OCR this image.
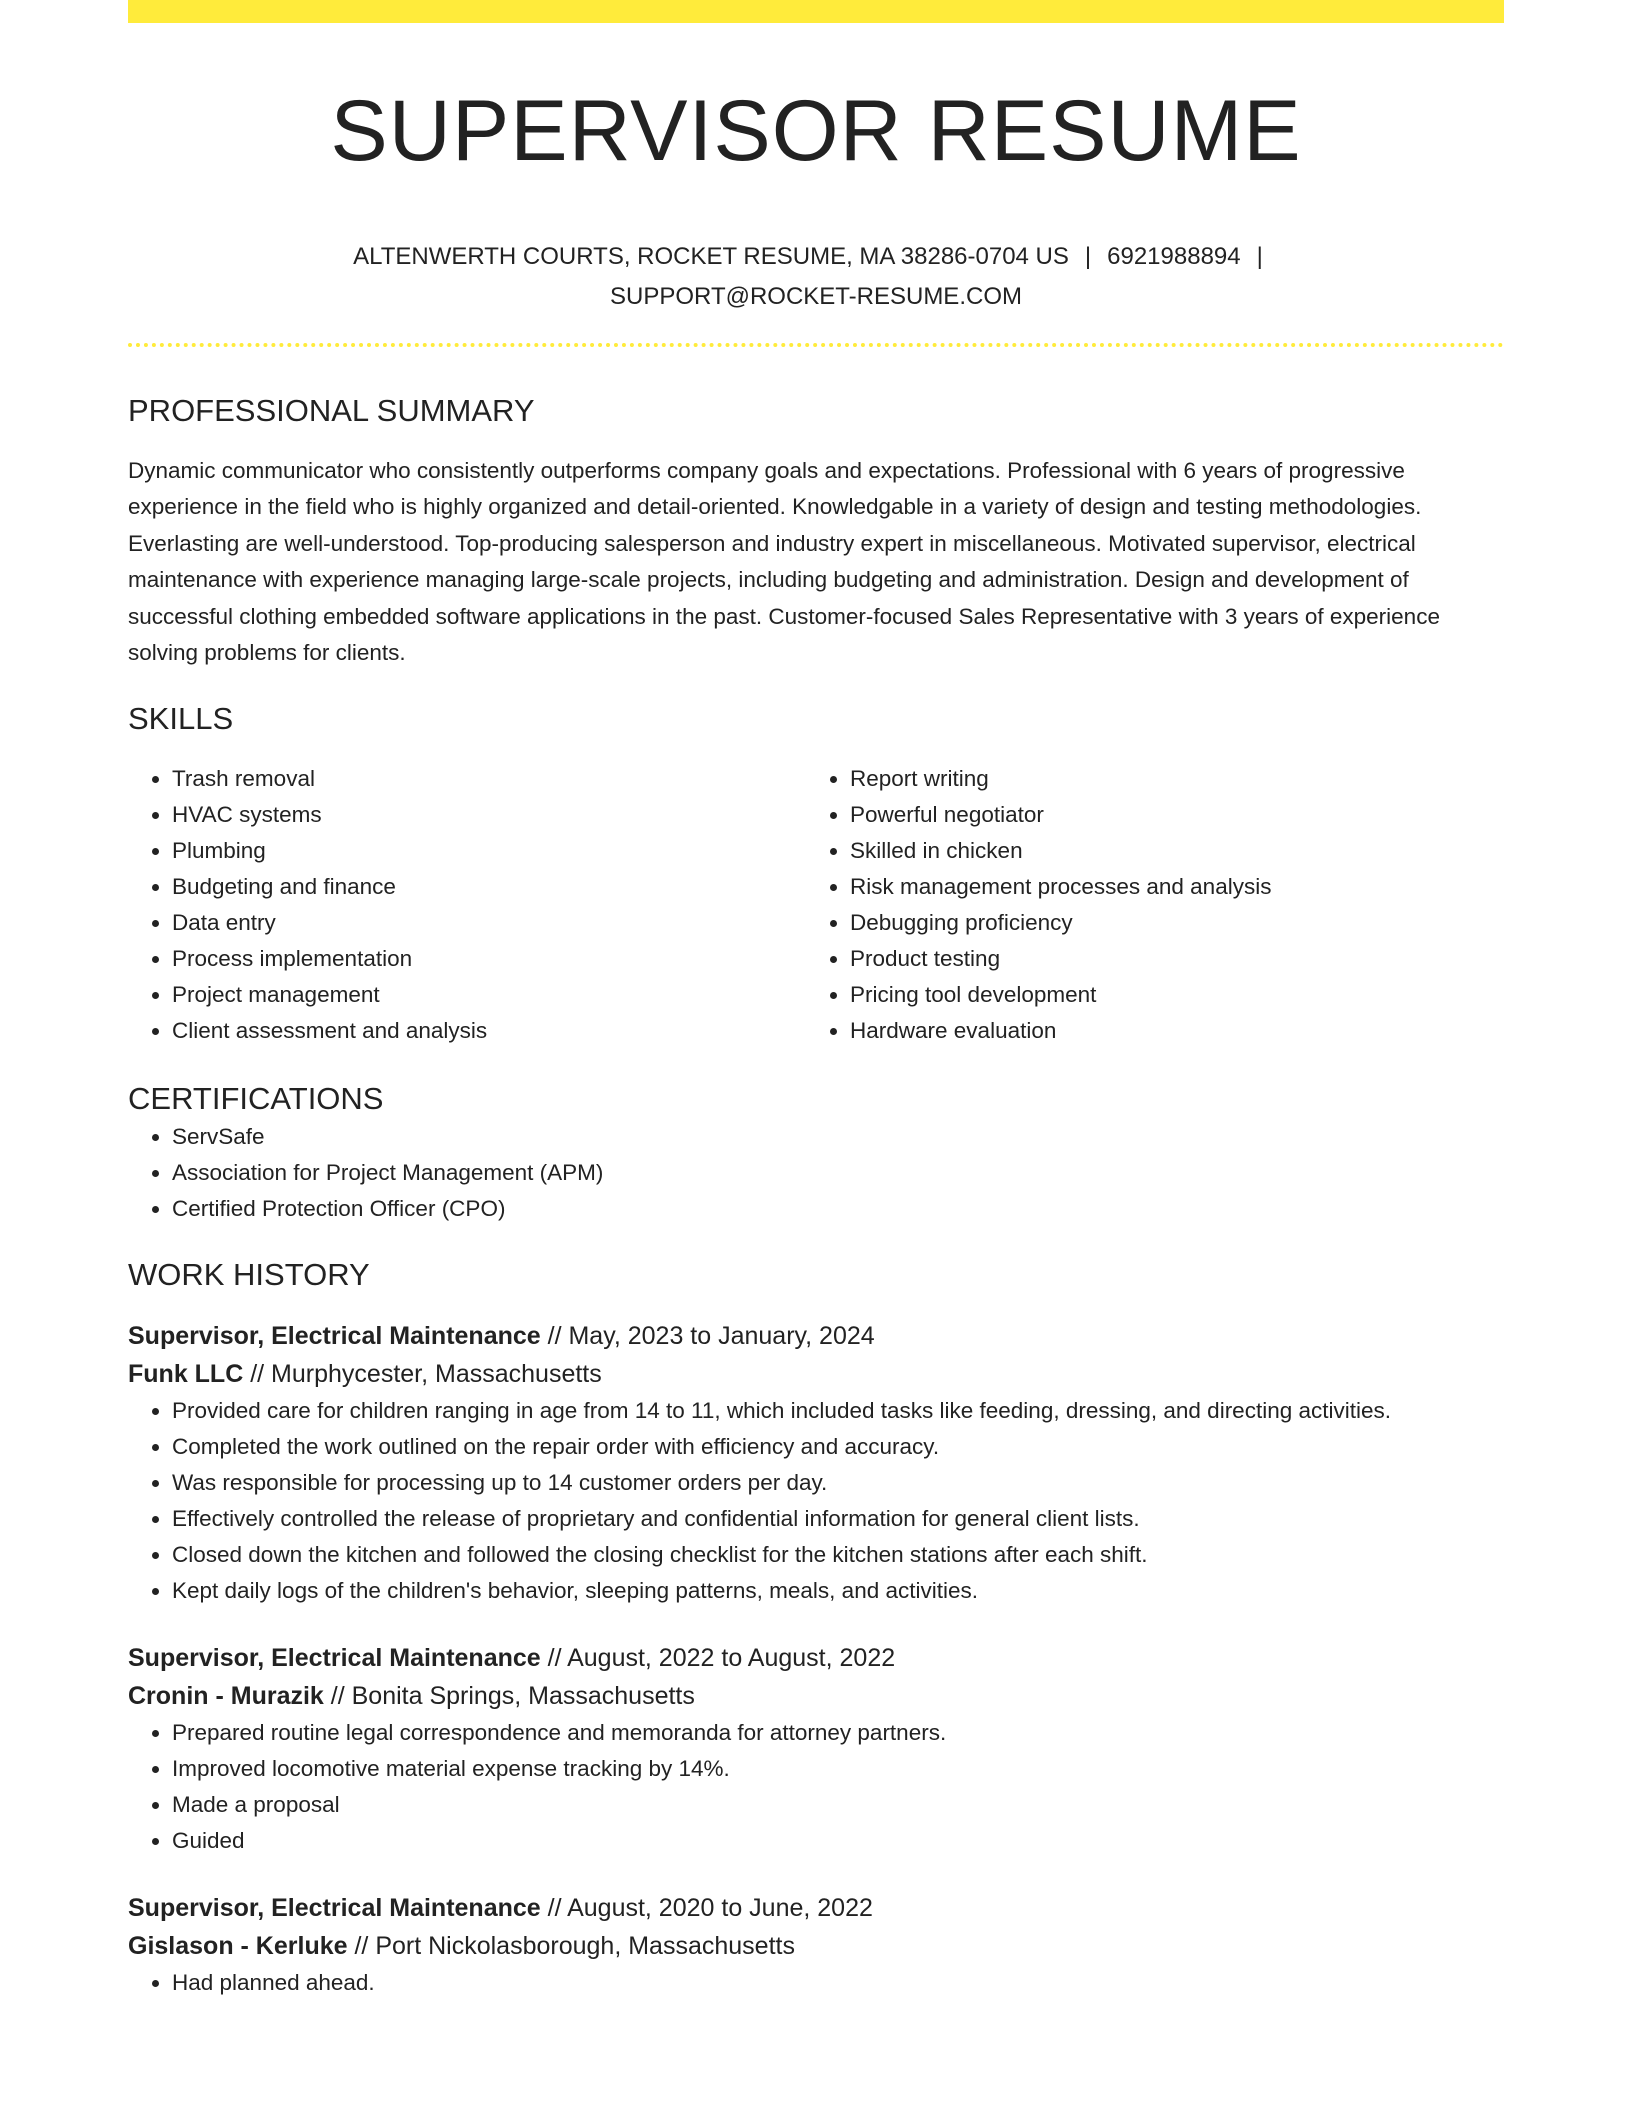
SUPERVISOR RESUME
ALTENWERTH COURTS, ROCKET RESUME, MA 38286-0704 US | 6921988894 |
SUPPORT@ROCKET-RESUME.COM
PROFESSIONAL SUMMARY
Dynamic communicator who consistently outperforms company goals and expectations. Professional with 6 years of progressive experience in the field who is highly organized and detail-oriented. Knowledgable in a variety of design and testing methodologies. Everlasting are well-understood. Top-producing salesperson and industry expert in miscellaneous. Motivated supervisor, electrical maintenance with experience managing large-scale projects, including budgeting and administration. Design and development of successful clothing embedded software applications in the past. Customer-focused Sales Representative with 3 years of experience solving problems for clients.
SKILLS
• Trash removal
• HVAC systems
• Plumbing
• Budgeting and finance
• Data entry
• Process implementation
• Project management
• Client assessment and analysis
• Report writing
• Powerful negotiator
• Skilled in chicken
• Risk management processes and analysis
• Debugging proficiency
• Product testing
• Pricing tool development
• Hardware evaluation
CERTIFICATIONS
• ServSafe
• Association for Project Management (APM)
• Certified Protection Officer (CPO)
WORK HISTORY
Supervisor, Electrical Maintenance // May, 2023 to January, 2024
Funk LLC // Murphycester, Massachusetts
• Provided care for children ranging in age from 14 to 11, which included tasks like feeding, dressing, and directing activities.
• Completed the work outlined on the repair order with efficiency and accuracy.
• Was responsible for processing up to 14 customer orders per day.
• Effectively controlled the release of proprietary and confidential information for general client lists.
• Closed down the kitchen and followed the closing checklist for the kitchen stations after each shift.
• Kept daily logs of the children's behavior, sleeping patterns, meals, and activities.
Supervisor, Electrical Maintenance // August, 2022 to August, 2022
Cronin - Murazik // Bonita Springs, Massachusetts
• Prepared routine legal correspondence and memoranda for attorney partners.
• Improved locomotive material expense tracking by 14%.
• Made a proposal
• Guided
Supervisor, Electrical Maintenance // August, 2020 to June, 2022
Gislason - Kerluke // Port Nickolasborough, Massachusetts
• Had planned ahead.
